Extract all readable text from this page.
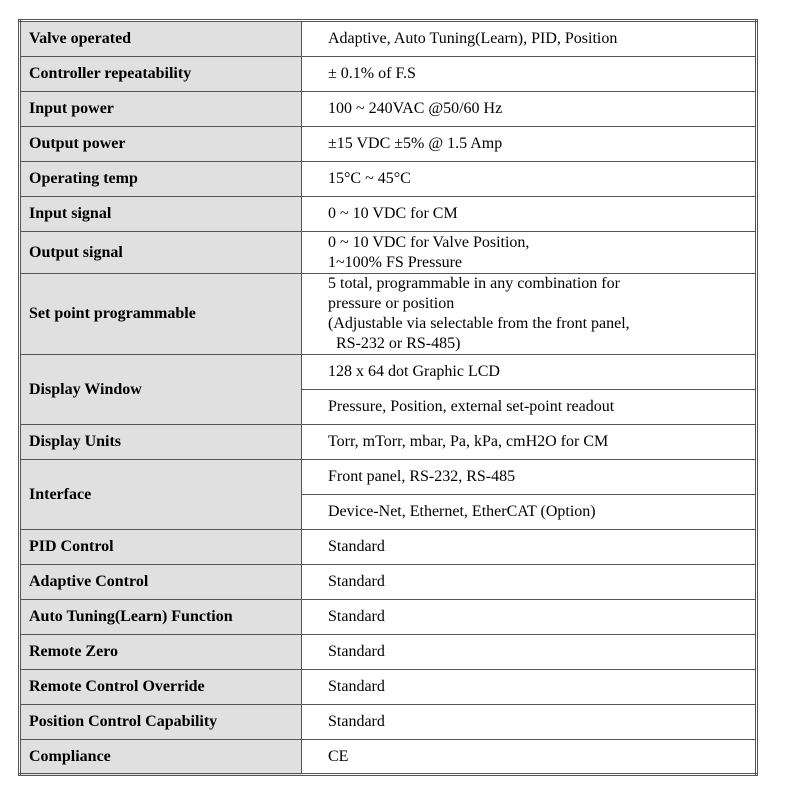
Valve operated	Adaptive, Auto Tuning(Learn), PID, Position
Controller repeatability	± 0.1% of F.S
Input power	100 ~ 240VAC @50/60 Hz
Output power	±15 VDC ±5% @ 1.5 Amp
Operating temp	15°C ~ 45°C
Input signal	0 ~ 10 VDC for CM
Output signal	0 ~ 10 VDC for Valve Position,
1~100% FS Pressure
Set point programmable	5 total, programmable in any combination for
pressure or position
(Adjustable via selectable from the front panel,
RS-232 or RS-485)
Display Window	128 x 64 dot Graphic LCD
	Pressure, Position, external set-point readout
Display Units	Torr, mTorr, mbar, Pa, kPa, cmH2O for CM
Interface	Front panel, RS-232, RS-485
	Device-Net, Ethernet, EtherCAT (Option)
PID Control	Standard
Adaptive Control	Standard
Auto Tuning(Learn) Function	Standard
Remote Zero	Standard
Remote Control Override	Standard
Position Control Capability	Standard
Compliance	CE
